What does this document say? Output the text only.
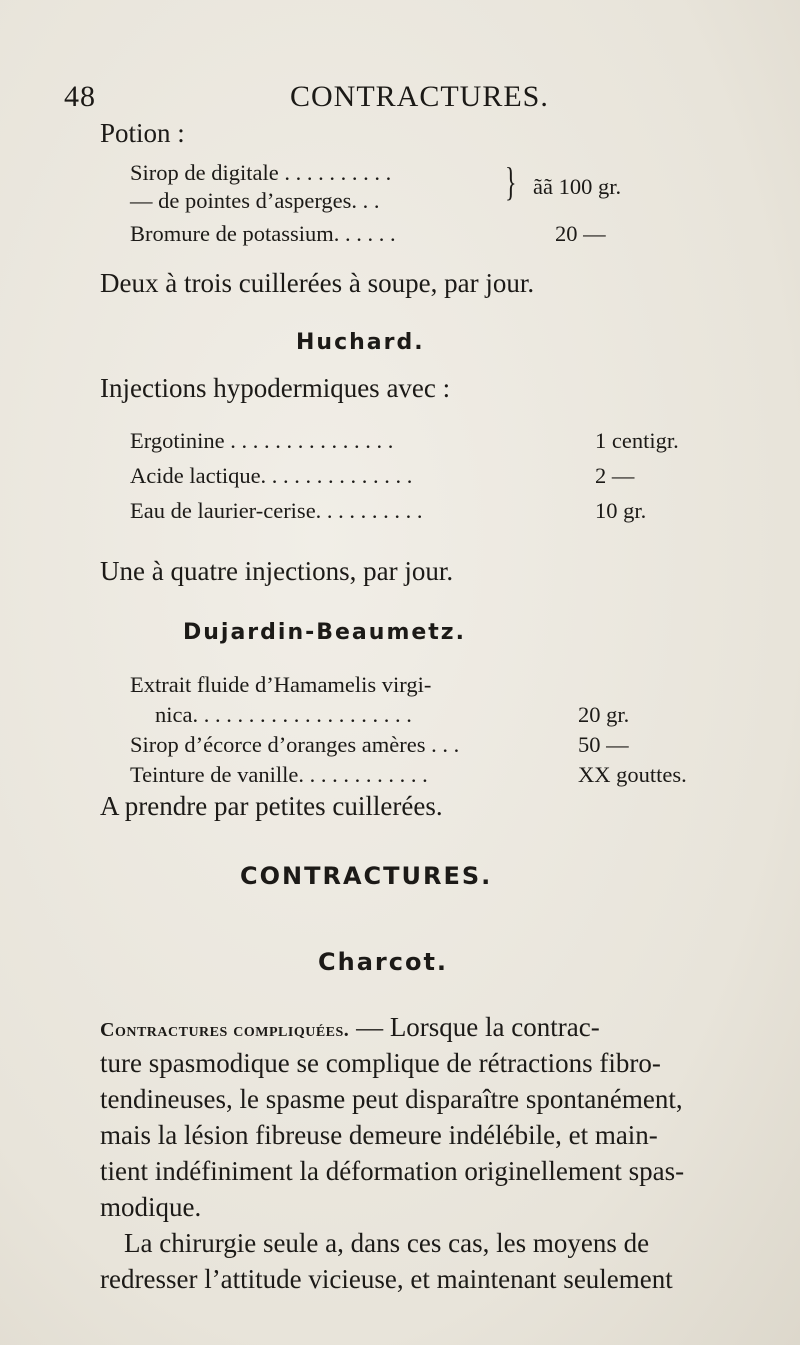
48	CONTRACTURES.
Potion :
Sirop de digitale . . . . . . . . . .
— de pointes d’asperges. . .	} ãã 100 gr.
Bromure de potassium. . . . . .	20 —
Deux à trois cuillerées à soupe, par jour.
Huchard.
Injections hypodermiques avec :
Ergotinine . . . . . . . . . . . . . . .	1 centigr.
Acide lactique. . . . . . . . . . . . . .	2 —
Eau de laurier-cerise. . . . . . . . . .	10 gr.
Une à quatre injections, par jour.
Dujardin-Beaumetz.
Extrait fluide d’Hamamelis virgi-
nica. . . . . . . . . . . . . . . . . . . .	20 gr.
Sirop d’écorce d’oranges amères . . .	50 —
Teinture de vanille. . . . . . . . . . . .	XX gouttes.
A prendre par petites cuillerées.
CONTRACTURES.
Charcot.
Contractures compliquées. — Lorsque la contrac-
ture spasmodique se complique de rétractions fibro-
tendineuses, le spasme peut disparaître spontanément,
mais la lésion fibreuse demeure indélébile, et main-
tient indéfiniment la déformation originellement spas-
modique.
La chirurgie seule a, dans ces cas, les moyens de
redresser l’attitude vicieuse, et maintenant seulement
